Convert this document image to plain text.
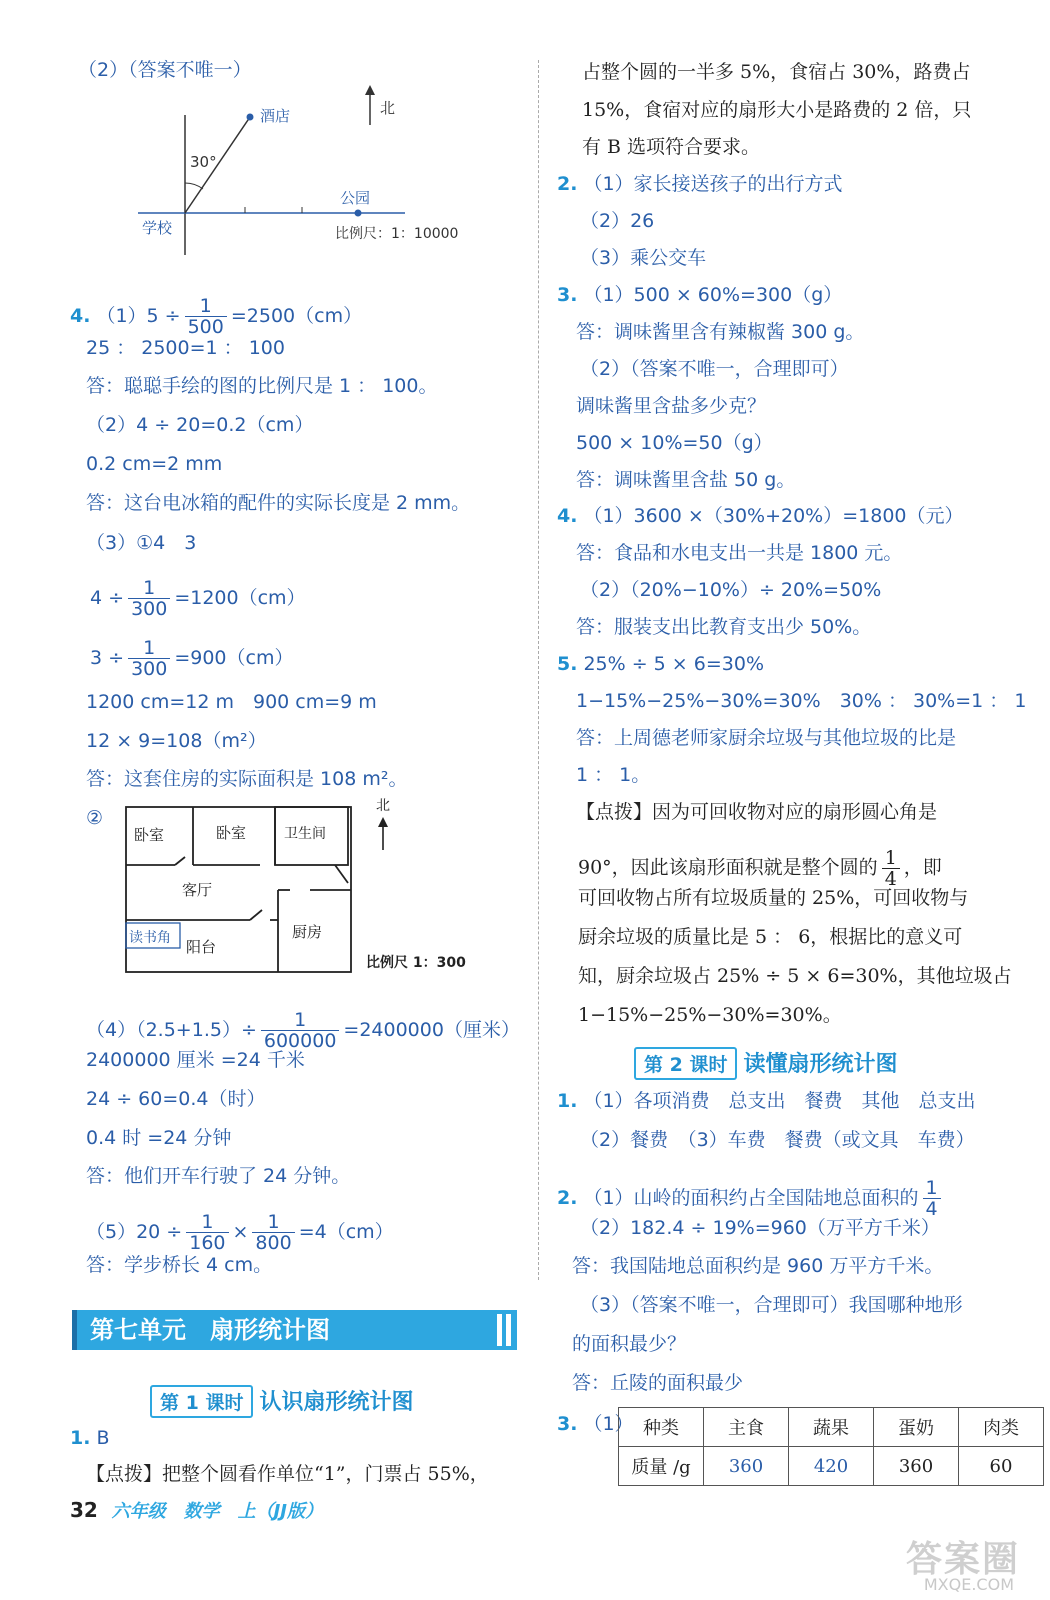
（2）（答案不唯一）
北
酒店
30°
公园
学校	比例尺：1：10000
4. $(1)5 \div \frac{1}{500} =2500(cm)$
25 ： 2500=1 ： 100
答：聪聪手绘的图的比例尺是 1 ： 100。
（2）4 ÷ 20=0.2（cm）
0.2 cm=2 mm
答：这台电冰箱的配件的实际长度是 2 mm。
（3）①4　3
$4 \div \frac{1}{300} =1200(cm)$
$3 \div \frac{1}{300} =900(cm)$
1200 cm=12 m　900 cm=9 m
12 × 9=108（m²）
答：这套住房的实际面积是 108 m²。
②
卧室	卧室	卫生间
客厅
读书角 阳台
厨房
北
比例尺 1：300
$(4)(2.5+1.5)\div \frac{1}{600000} =2400000$（厘米）
2400000 厘米 =24 千米
24 ÷ 60=0.4（时）
0.4 时 =24 分钟
答：他们开车行驶了 24 分钟。
$(5)20 \div \frac{1}{160} \times \frac{1}{800} =4(cm)$
答：学步桥长 4 cm。
第七单元　扇形统计图
第 1 课时 认识扇形统计图
1. B
【点拨】把整个圆看作单位“1”，门票占 55%，
占整个圆的一半多 5%，食宿占 30%，路费占
15%，食宿对应的扇形大小是路费的 2 倍，只
有 B 选项符合要求。
2. （1）家长接送孩子的出行方式
（2）26
（3）乘公交车
3. （1）500 × 60%=300（g）
答：调味酱里含有辣椒酱 300 g。
（2）（答案不唯一，合理即可）
调味酱里含盐多少克？
500 × 10%=50（g）
答：调味酱里含盐 50 g。
4. （1）3600 ×（30%+20%）=1800（元）
答：食品和水电支出一共是 1800 元。
（2）（20%−10%）÷ 20%=50%
答：服装支出比教育支出少 50%。
5. 25% ÷ 5 × 6=30%
1−15%−25%−30%=30%　30% ： 30%=1 ： 1
答：上周德老师家厨余垃圾与其他垃圾的比是
1 ： 1。
【点拨】因为可回收物对应的扇形圆心角是
90°，因此该扇形面积就是整个圆的 $\frac{1}{4}$ ，即
可回收物占所有垃圾质量的 25%，可回收物与
厨余垃圾的质量比是 5 ： 6，根据比的意义可
知，厨余垃圾占 25% ÷ 5 × 6=30%，其他垃圾占
1−15%−25%−30%=30%。
第 2 课时 读懂扇形统计图
1. （1）各项消费　总支出　餐费　其他　总支出
（2）餐费　（3）车费　餐费（或文具　车费）
2. （1）山岭的面积约占全国陆地总面积的 $\frac{1}{4}$
（2）182.4 ÷ 19%=960（万平方千米）
答：我国陆地总面积约是 960 万平方千米。
（3）（答案不唯一，合理即可）我国哪种地形
的面积最少？
答：丘陵的面积最少
3. （1） 种类	主食	蔬果	蛋奶	肉类
质量 /g	360	420	360	60
32 六年级　数学　上（JJ版）
答案圈
MXQE.COM
